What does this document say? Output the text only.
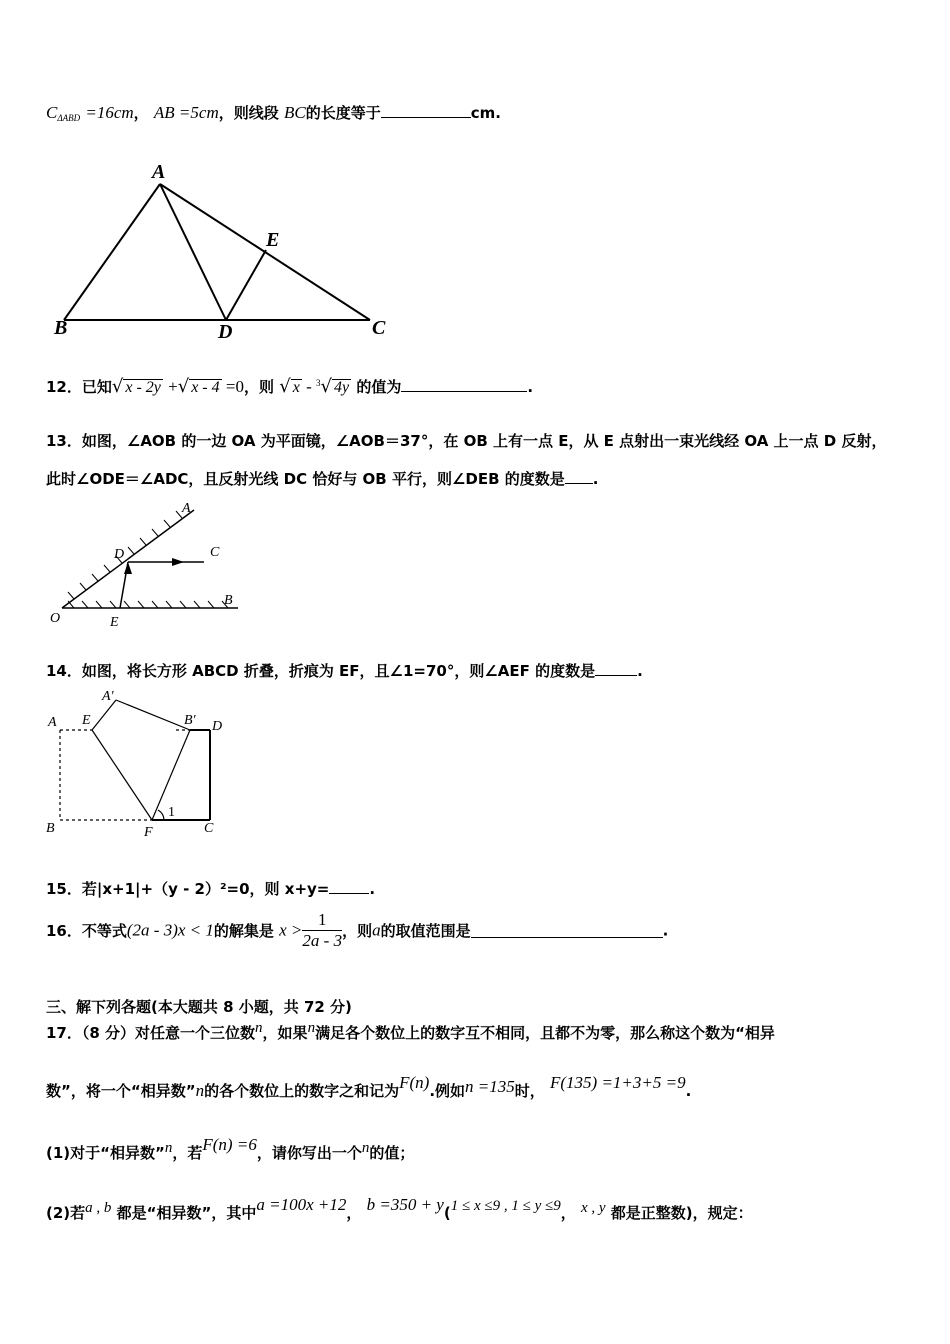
$C_{\Delta ABD} =16cm$， AB =5cm，则线段 BC的长度等于	cm.
A
B	C
D
E
12．已知√ x - 2y +√ x - 4 =0，则 √ x - $^3$√ 4y 的值为	.
13．如图，∠AOB 的一边 OA 为平面镜，∠AOB＝37°，在 OB 上有一点 E，从 E 点射出一束光线经 OA 上一点 D 反射，
此时∠ODE＝∠ADC，且反射光线 DC 恰好与 OB 平行，则∠DEB 的度数是 .
A
B
C
D
E
O
14．如图，将长方形 ABCD 折叠，折痕为 EF，且∠1=70°，则∠AEF 的度数是	.
A
A′
B
B′
C
D
E
F
1
15．若|x+1|+（y - 2）²=0，则 x+y=	.
16．不等式(2a - 3)x < 1的解集是 $x > \frac{1}{2a - 3}$ ，则a的取值范围是	.
三、解下列各题(本大题共 8 小题，共 72 分)
17．（8 分）对任意一个三位数$^n$，如果$^n$满足各个数位上的数字互不相同，且都不为零，那么称这个数为“相异
数”，将一个“相异数”n的各个数位上的数字之和记为F(n).例如n =135时， F(135) =1+3+5 =9.
(1)对于“相异数”$^n$，若F(n) =6，请你写出一个$^n$的值；
(2)若$^{a , b}$ 都是“相异数”，其中a =100x +12， b =350 + y(1 ≤ x ≤9 , 1 ≤ y ≤9， $^{x , y}$ 都是正整数)，规定：
